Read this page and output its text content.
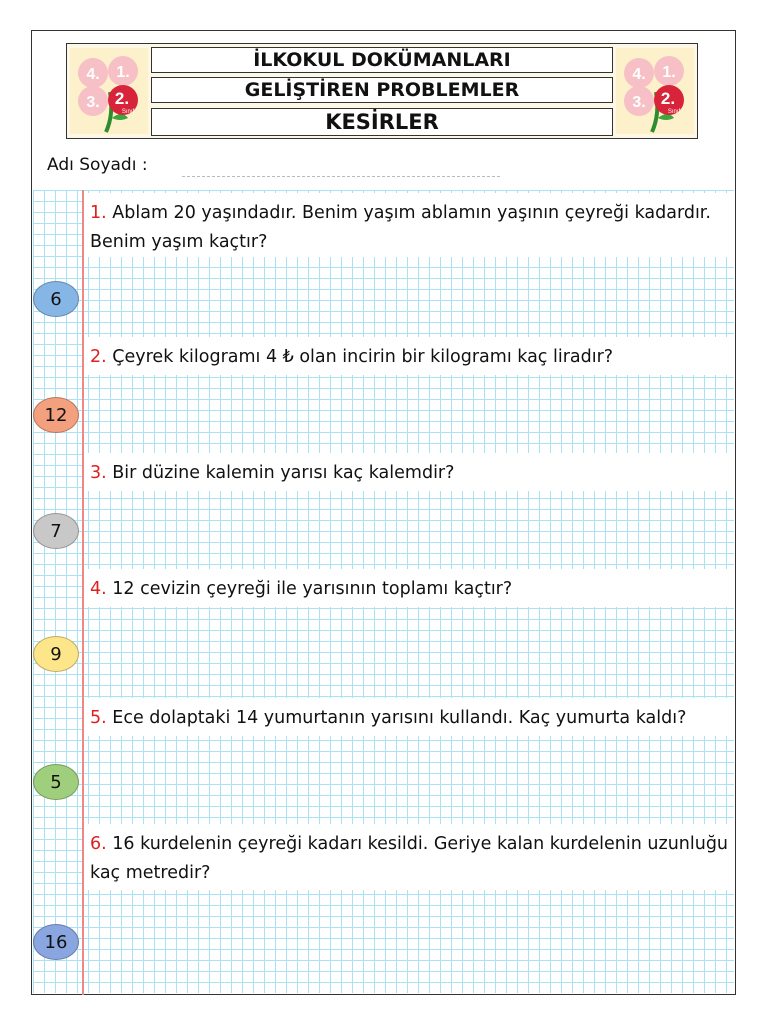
4. 1.
3. 2.
Sınıf
İLKOKUL DOKÜMANLARI
GELİŞTİREN PROBLEMLER
KESİRLER
4. 1.
3. 2.
Sınıf
Adı Soyadı :
1. Ablam 20 yaşındadır. Benim yaşım ablamın yaşının çeyreği kadardır. Benim yaşım kaçtır?
6
2. Çeyrek kilogramı 4 ₺ olan incirin bir kilogramı kaç liradır?
12
3. Bir düzine kalemin yarısı kaç kalemdir?
7
4. 12 cevizin çeyreği ile yarısının toplamı kaçtır?
9
5. Ece dolaptaki 14 yumurtanın yarısını kullandı. Kaç yumurta kaldı?
5
6. 16 kurdelenin çeyreği kadarı kesildi. Geriye kalan kurdelenin uzunluğu kaç metredir?
16
